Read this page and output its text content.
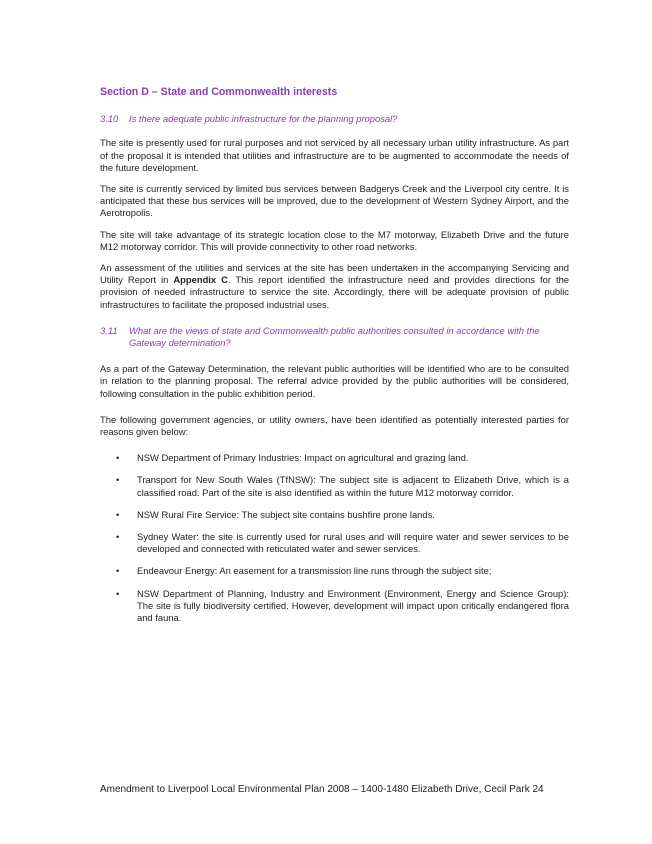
Section D – State and Commonwealth interests
3.10	Is there adequate public infrastructure for the planning proposal?

The site is presently used for rural purposes and not serviced by all necessary urban utility infrastructure. As part of the proposal it is intended that utilities and infrastructure are to be augmented to accommodate the needs of the future development.

The site is currently serviced by limited bus services between Badgerys Creek and the Liverpool city centre. It is anticipated that these bus services will be improved, due to the development of Western Sydney Airport, and the Aerotropolis.

The site will take advantage of its strategic location close to the M7 motorway, Elizabeth Drive and the future M12 motorway corridor. This will provide connectivity to other road networks.

An assessment of the utilities and services at the site has been undertaken in the accompanying Servicing and Utility Report in Appendix C. This report identified the infrastructure need and provides directions for the provision of needed infrastructure to service the site. Accordingly, there will be adequate provision of public infrastructures to facilitate the proposed industrial uses.

3.11	What are the views of state and Commonwealth public authorities consulted in accordance with the Gateway determination?

As a part of the Gateway Determination, the relevant public authorities will be identified who are to be consulted in relation to the planning proposal. The referral advice provided by the public authorities will be considered, following consultation in the public exhibition period.

The following government agencies, or utility owners, have been identified as potentially interested parties for reasons given below:

•	NSW Department of Primary Industries: Impact on agricultural and grazing land.
•	Transport for New South Wales (TfNSW): The subject site is adjacent to Elizabeth Drive, which is a classified road. Part of the site is also identified as within the future M12 motorway corridor.
•	NSW Rural Fire Service: The subject site contains bushfire prone lands.
•	Sydney Water: the site is currently used for rural uses and will require water and sewer services to be developed and connected with reticulated water and sewer services.
•	Endeavour Energy: An easement for a transmission line runs through the subject site;
•	NSW Department of Planning, Industry and Environment (Environment, Energy and Science Group): The site is fully biodiversity certified. However, development will impact upon critically endangered flora and fauna.
Amendment to Liverpool Local Environmental Plan 2008 – 1400-1480 Elizabeth Drive, Cecil Park 24
